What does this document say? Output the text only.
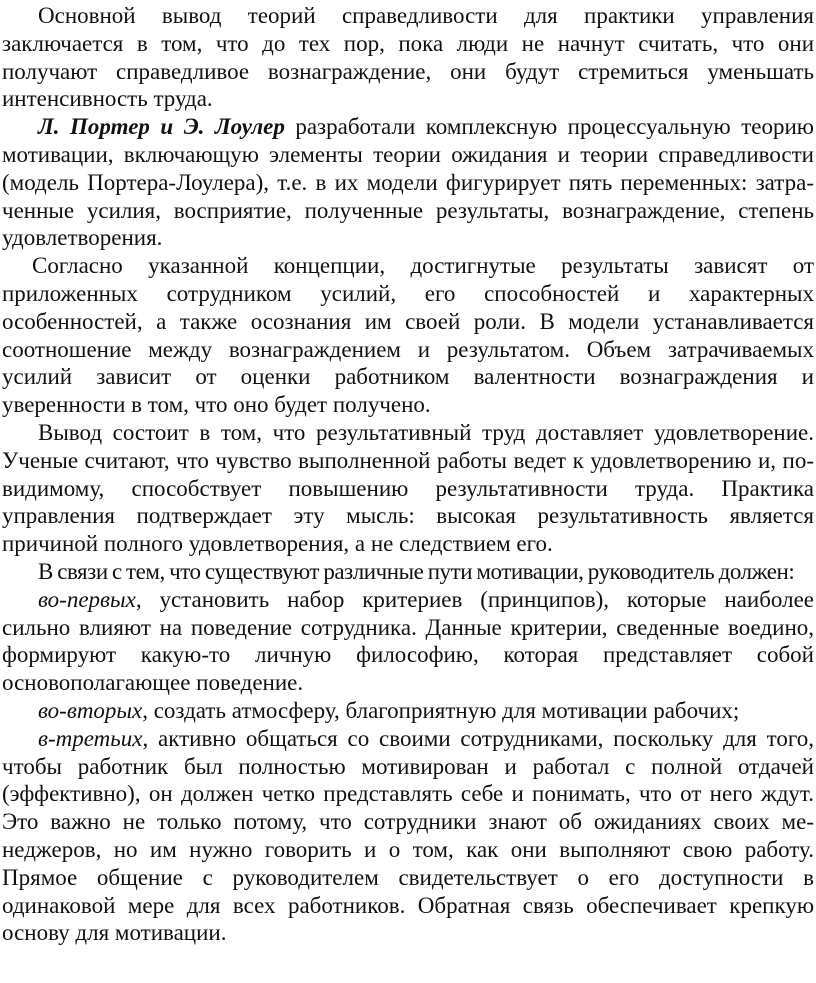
Основной вывод теорий справедливости для практики управления заключается в том, что до тех пор, пока люди не начнут считать, что они получают справедливое вознаграждение, они будут стремиться уменьшать интенсивность труда.

Л. Портер и Э. Лоулер разработали комплексную процессуальную теорию мотивации, включающую элементы теории ожидания и теории справедливости (модель Портера-Лоулера), т.е. в их модели фигурирует пять переменных: затраченные усилия, восприятие, полученные результаты, вознаграждение, степень удовлетворения.

Согласно указанной концепции, достигнутые результаты зависят от приложенных сотрудником усилий, его способностей и характерных особенностей, а также осознания им своей роли. В модели устанавливается соотношение между вознаграждением и результатом. Объем затрачиваемых усилий зависит от оценки работником валентности вознаграждения и уверенности в том, что оно будет получено.

Вывод состоит в том, что результативный труд доставляет удовлетворение. Ученые считают, что чувство выполненной работы ведет к удовлетворению и, по-видимому, способствует повышению результативности труда. Практика управления подтверждает эту мысль: высокая результативность является причиной полного удовлетворения, а не следствием его.

В связи с тем, что существуют различные пути мотивации, руководитель должен:

во-первых, установить набор критериев (принципов), которые наиболее сильно влияют на поведение сотрудника. Данные критерии, сведенные воедино, формируют какую-то личную философию, которая представляет собой основополагающее поведение.

во-вторых, создать атмосферу, благоприятную для мотивации рабочих;

в-третьих, активно общаться со своими сотрудниками, поскольку для того, чтобы работник был полностью мотивирован и работал с полной отдачей (эффективно), он должен четко представлять себе и понимать, что от него ждут. Это важно не только потому, что сотрудники знают об ожиданиях своих менеджеров, но им нужно говорить и о том, как они выполняют свою работу. Прямое общение с руководителем свидетельствует о его доступности в одинаковой мере для всех работников. Обратная связь обеспечивает крепкую основу для мотивации.
